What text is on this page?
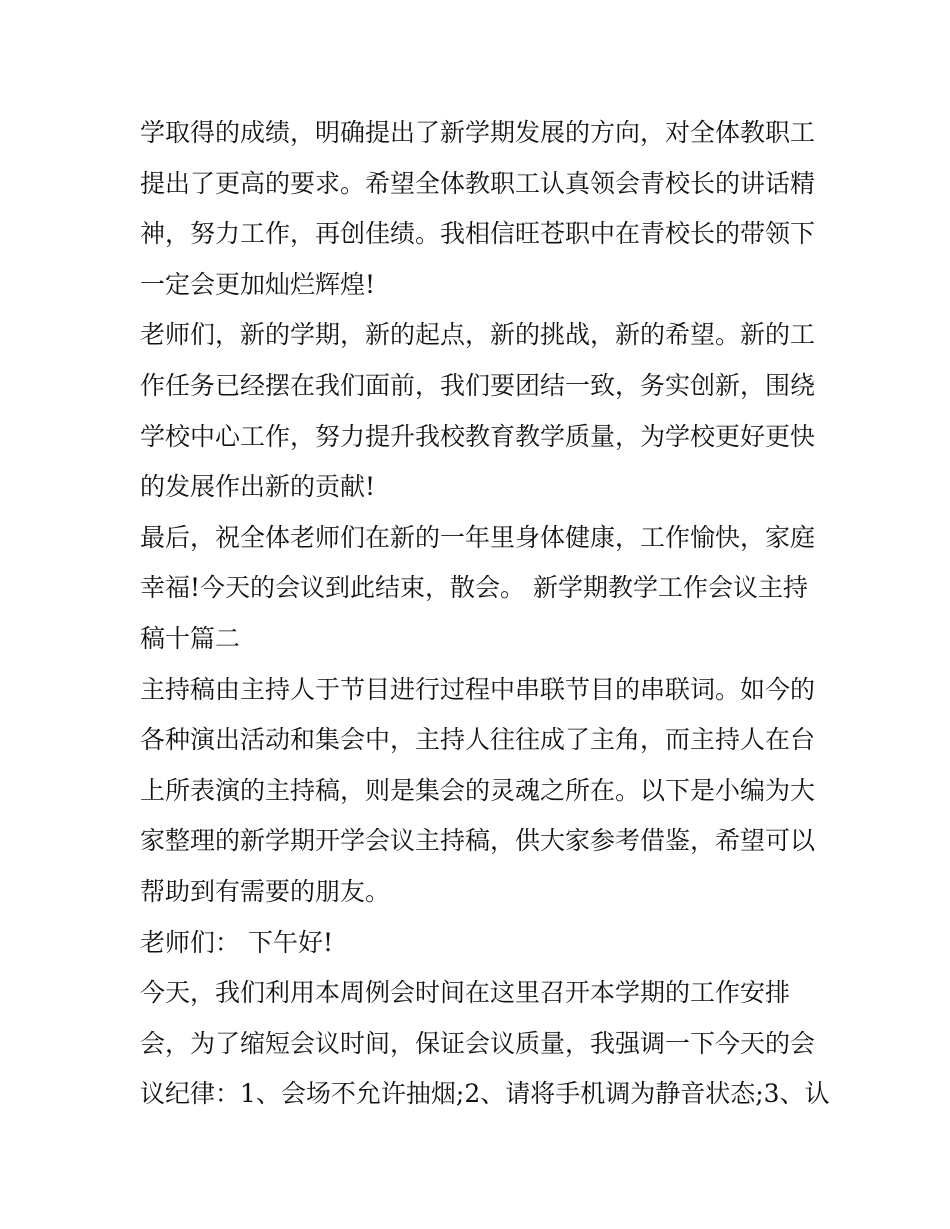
学取得的成绩，明确提出了新学期发展的方向，对全体教职工
提出了更高的要求。希望全体教职工认真领会青校长的讲话精
神，努力工作，再创佳绩。我相信旺苍职中在青校长的带领下
一定会更加灿烂辉煌!
老师们，新的学期，新的起点，新的挑战，新的希望。新的工
作任务已经摆在我们面前，我们要团结一致，务实创新，围绕
学校中心工作，努力提升我校教育教学质量，为学校更好更快
的发展作出新的贡献!
最后，祝全体老师们在新的一年里身体健康，工作愉快，家庭
幸福!今天的会议到此结束，散会。 新学期教学工作会议主持
稿十篇二
主持稿由主持人于节目进行过程中串联节目的串联词。如今的
各种演出活动和集会中，主持人往往成了主角，而主持人在台
上所表演的主持稿，则是集会的灵魂之所在。以下是小编为大
家整理的新学期开学会议主持稿，供大家参考借鉴，希望可以
帮助到有需要的朋友。
老师们： 下午好!
今天，我们利用本周例会时间在这里召开本学期的工作安排
会，为了缩短会议时间，保证会议质量，我强调一下今天的会
议纪律：1、会场不允许抽烟;2、请将手机调为静音状态;3、认
